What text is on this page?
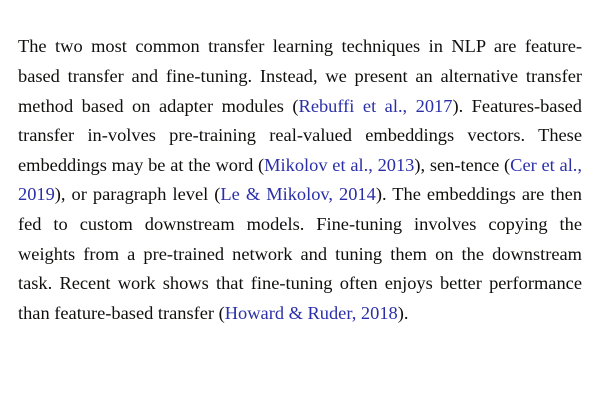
The two most common transfer learning techniques in NLP are feature-based transfer and fine-tuning. Instead, we present an alternative transfer method based on adapter modules (Rebuffi et al., 2017). Features-based transfer in-volves pre-training real-valued embeddings vectors. These embeddings may be at the word (Mikolov et al., 2013), sen-tence (Cer et al., 2019), or paragraph level (Le & Mikolov, 2014). The embeddings are then fed to custom downstream models. Fine-tuning involves copying the weights from a pre-trained network and tuning them on the downstream task. Recent work shows that fine-tuning often enjoys better performance than feature-based transfer (Howard & Ruder, 2018).
